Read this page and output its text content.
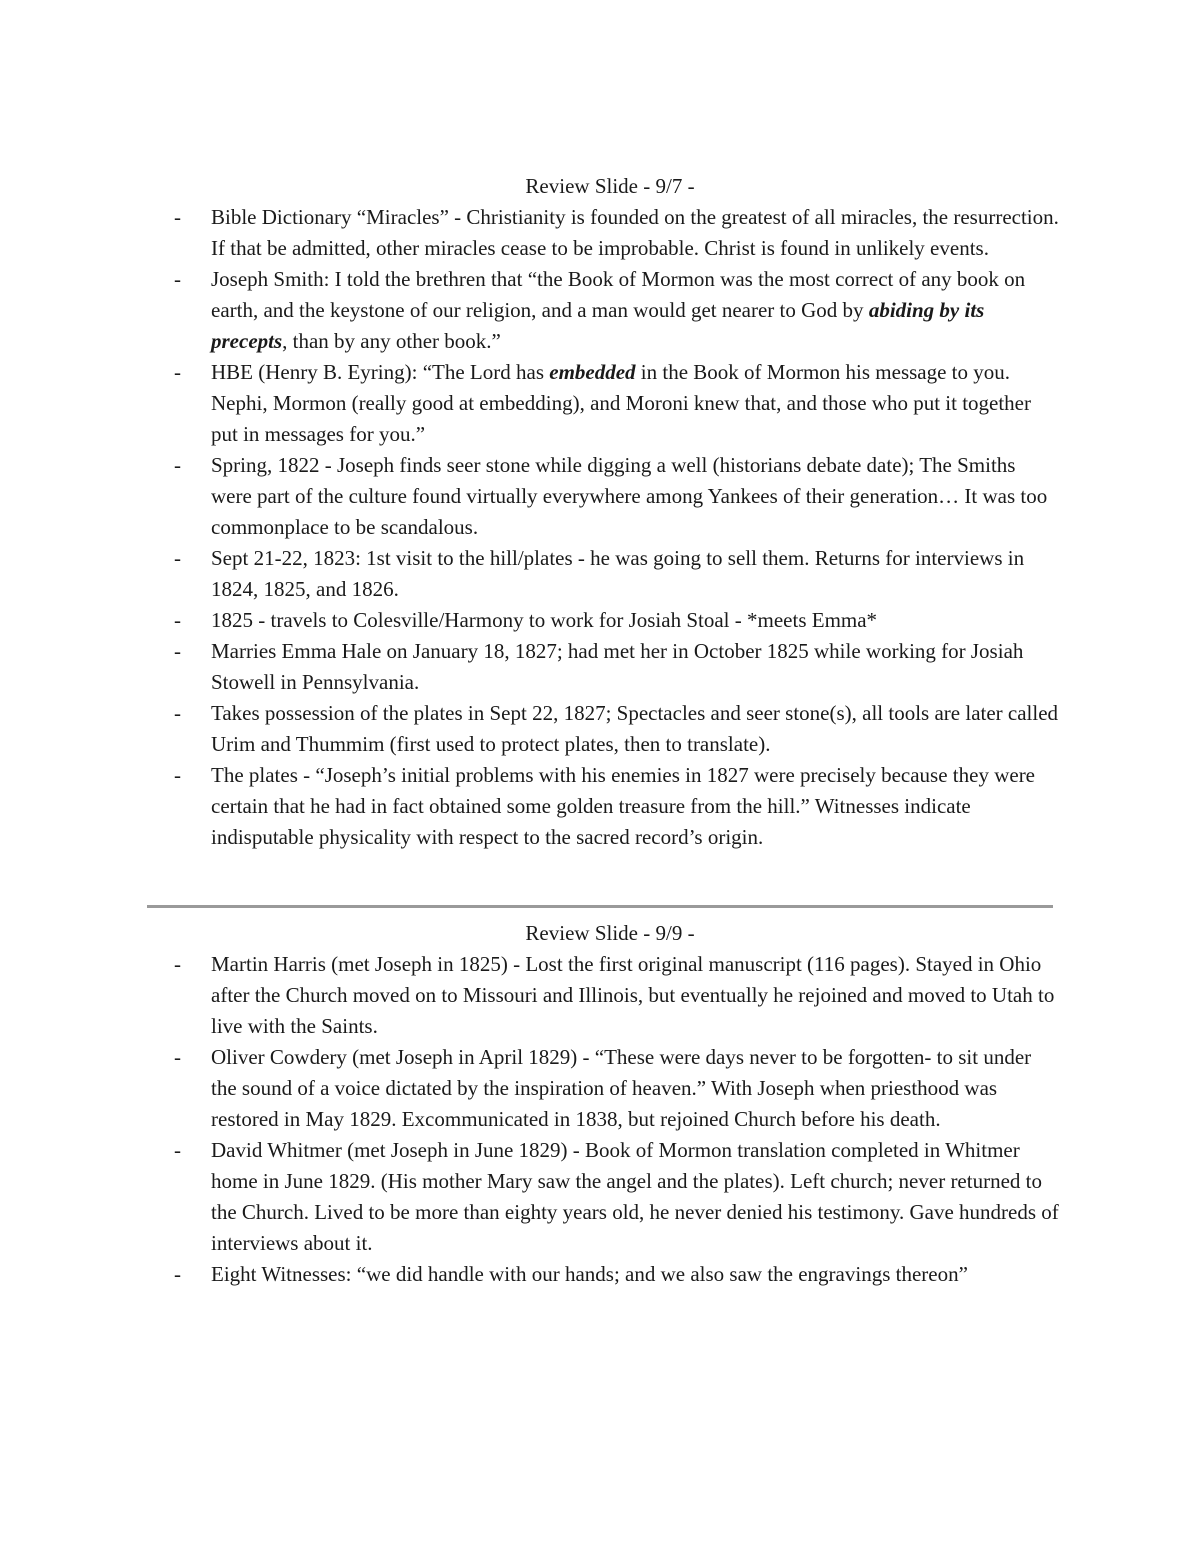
Review Slide - 9/7 -
- Bible Dictionary “Miracles” - Christianity is founded on the greatest of all miracles, the resurrection. If that be admitted, other miracles cease to be improbable. Christ is found in unlikely events.
- Joseph Smith: I told the brethren that “the Book of Mormon was the most correct of any book on earth, and the keystone of our religion, and a man would get nearer to God by abiding by its precepts, than by any other book.”
- HBE (Henry B. Eyring): “The Lord has embedded in the Book of Mormon his message to you. Nephi, Mormon (really good at embedding), and Moroni knew that, and those who put it together put in messages for you.”
- Spring, 1822 - Joseph finds seer stone while digging a well (historians debate date); The Smiths were part of the culture found virtually everywhere among Yankees of their generation… It was too commonplace to be scandalous.
- Sept 21-22, 1823: 1st visit to the hill/plates - he was going to sell them. Returns for interviews in 1824, 1825, and 1826.
- 1825 - travels to Colesville/Harmony to work for Josiah Stoal - *meets Emma*
- Marries Emma Hale on January 18, 1827; had met her in October 1825 while working for Josiah Stowell in Pennsylvania.
- Takes possession of the plates in Sept 22, 1827; Spectacles and seer stone(s), all tools are later called Urim and Thummim (first used to protect plates, then to translate).
- The plates - “Joseph’s initial problems with his enemies in 1827 were precisely because they were certain that he had in fact obtained some golden treasure from the hill.” Witnesses indicate indisputable physicality with respect to the sacred record’s origin.
Review Slide - 9/9 -
- Martin Harris (met Joseph in 1825) - Lost the first original manuscript (116 pages). Stayed in Ohio after the Church moved on to Missouri and Illinois, but eventually he rejoined and moved to Utah to live with the Saints.
- Oliver Cowdery (met Joseph in April 1829) - “These were days never to be forgotten- to sit under the sound of a voice dictated by the inspiration of heaven.” With Joseph when priesthood was restored in May 1829. Excommunicated in 1838, but rejoined Church before his death.
- David Whitmer (met Joseph in June 1829) - Book of Mormon translation completed in Whitmer home in June 1829. (His mother Mary saw the angel and the plates). Left church; never returned to the Church. Lived to be more than eighty years old, he never denied his testimony. Gave hundreds of interviews about it.
- Eight Witnesses: “we did handle with our hands; and we also saw the engravings thereon”
